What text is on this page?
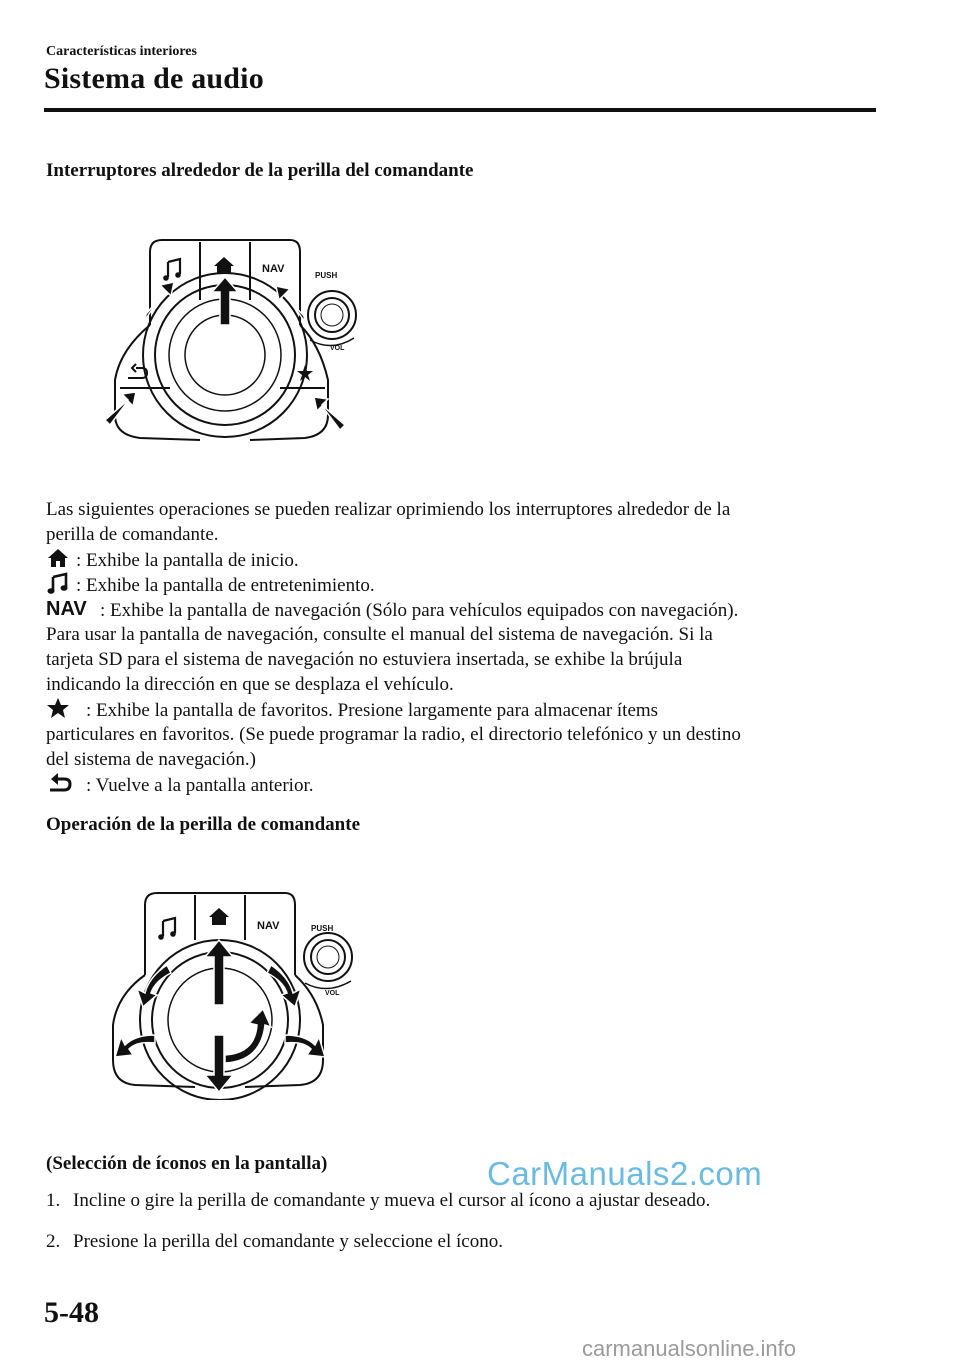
Características interiores
Sistema de audio
Interruptores alrededor de la perilla del comandante
NAV
PUSH
VOL
Las siguientes operaciones se pueden realizar oprimiendo los interruptores alrededor de la
perilla de comandante.
: Exhibe la pantalla de inicio.
: Exhibe la pantalla de entretenimiento.
NAV : Exhibe la pantalla de navegación (Sólo para vehículos equipados con navegación).
Para usar la pantalla de navegación, consulte el manual del sistema de navegación. Si la
tarjeta SD para el sistema de navegación no estuviera insertada, se exhibe la brújula
indicando la dirección en que se desplaza el vehículo.
: Exhibe la pantalla de favoritos. Presione largamente para almacenar ítems
particulares en favoritos. (Se puede programar la radio, el directorio telefónico y un destino
del sistema de navegación.)
: Vuelve a la pantalla anterior.
Operación de la perilla de comandante
NAV	PUSH
VOL
(Selección de íconos en la pantalla)
1. Incline o gire la perilla de comandante y mueva el cursor al ícono a ajustar deseado.
2. Presione la perilla del comandante y seleccione el ícono.
CarManuals2.com
5-48
carmanualsonline.info
